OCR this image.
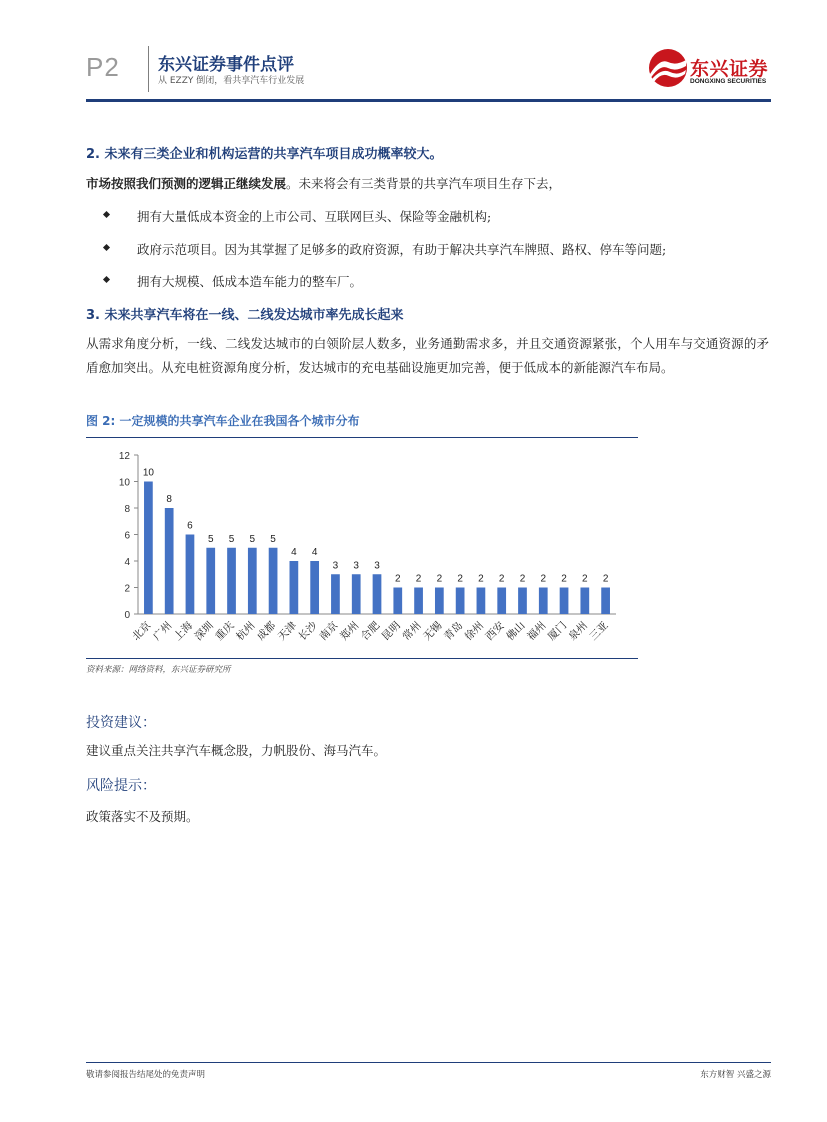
P2 东兴证券事件点评
从 EZZY 倒闭，看共享汽车行业发展
东兴证券
DONGXING SECURITIES
2. 未来有三类企业和机构运营的共享汽车项目成功概率较大。
市场按照我们预测的逻辑正继续发展。未来将会有三类背景的共享汽车项目生存下去，
拥有大量低成本资金的上市公司、互联网巨头、保险等金融机构;
政府示范项目。因为其掌握了足够多的政府资源，有助于解决共享汽车牌照、路权、停车等问题;
拥有大规模、低成本造车能力的整车厂。
3. 未来共享汽车将在一线、二线发达城市率先成长起来
从需求角度分析，一线、二线发达城市的白领阶层人数多，业务通勤需求多，并且交通资源紧张，个人用车与交通资源的矛盾愈加突出。从充电桩资源角度分析，发达城市的充电基础设施更加完善，便于低成本的新能源汽车布局。
图 2: 一定规模的共享汽车企业在我国各个城市分布
0
2
4
6
8
10
12
10
北京
8
广州
6
上海
5
深圳
5
重庆
5
杭州
5
成都
4
天津
4
长沙
3
南京
3
郑州
3
合肥
2
昆明
2
常州
2
无锡
2
青岛
2
徐州
2
西安
2
佛山
2
福州
2
厦门
2
泉州
2
三亚
资料来源：网络资料，东兴证券研究所
投资建议：
建议重点关注共享汽车概念股，力帆股份、海马汽车。
风险提示：
政策落实不及预期。
敬请参阅报告结尾处的免责声明	东方财智 兴盛之源
